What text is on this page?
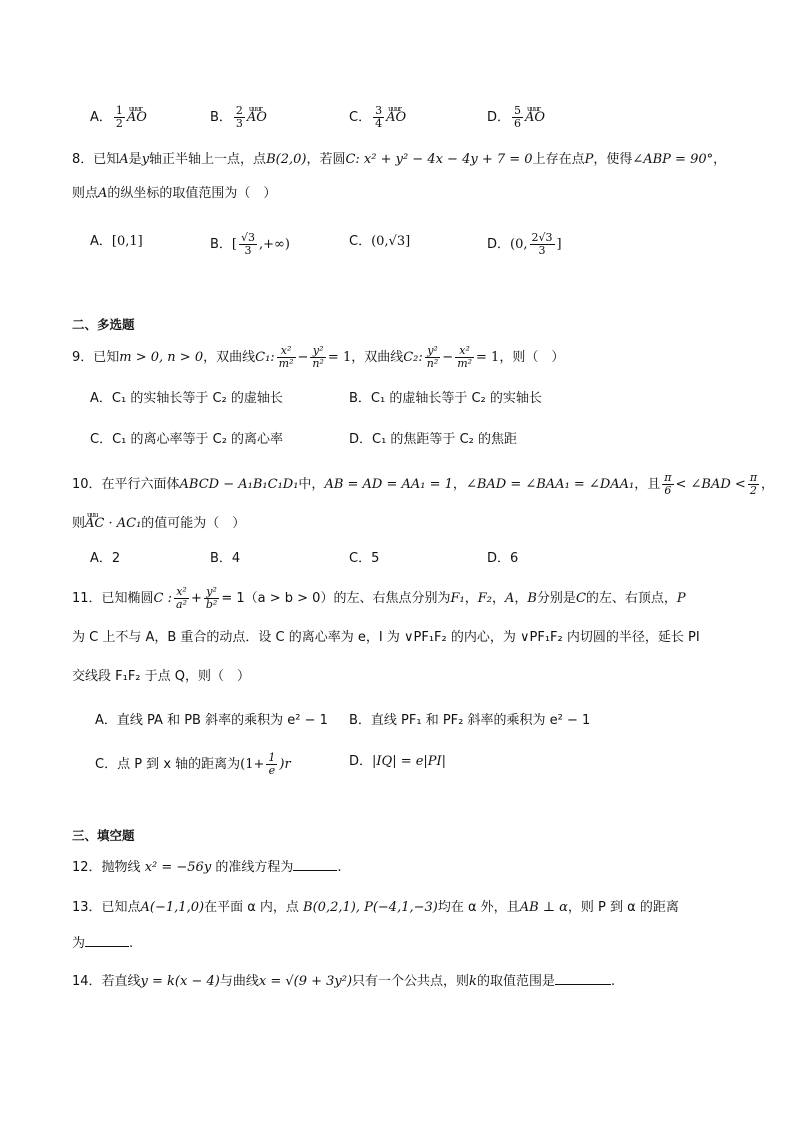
A． $\frac{1}{2}$ uuur AO	B． $\frac{2}{3}$ uuur AO	C． $\frac{3}{4}$ uuur AO	D． $\frac{5}{6}$ uuur AO
8．已知A是y轴正半轴上一点，点B(2,0)，若圆C: x² + y² − 4x − 4y + 7 = 0上存在点P，使得∠ABP = 90°，
则点A的纵坐标的取值范围为（　）
A．[0,1]	B．[ $\frac{√3}{3}$ ,+∞)	C．(0,√3]	D．(0, $\frac{2√3}{3}$ ]
二、多选题
9．已知m > 0, n > 0，双曲线C₁: $\frac{\text{x²}}{\text{m²}} - \frac{\text{y²}}{\text{n²}} = 1$，双曲线C₂: $\frac{\text{y²}}{\text{n²}} - \frac{\text{x²}}{\text{m²}} = 1$，则（　）
A．C₁ 的实轴长等于 C₂ 的虚轴长	B．C₁ 的虚轴长等于 C₂ 的实轴长
C．C₁ 的离心率等于 C₂ 的离心率	D．C₁ 的焦距等于 C₂ 的焦距
10．在平行六面体ABCD − A₁B₁C₁D₁中，AB = AD = AA₁ = 1，∠BAD = ∠BAA₁ = ∠DAA₁，且 $\frac{\pi}{6}$ < ∠BAD < $\frac{\pi}{2}$ ，
则uuu AC · AC₁的值可能为（　）
A．2	B．4	C．5	D．6
11．已知椭圆C : $\frac{\text{x²}}{\text{a²}} + \frac{\text{y²}}{\text{b²}} = 1(a > b > 0)$的左、右焦点分别为F₁，F₂，A，B分别是C的左、右顶点，P
为 C 上不与 A，B 重合的动点．设 C 的离心率为 e，I 为 ∨PF₁F₂ 的内心，为 ∨PF₁F₂ 内切圆的半径，延长 PI
交线段 F₁F₂ 于点 Q，则（　）
A．直线 PA 和 PB 斜率的乘积为 e² − 1 B．直线 PF₁ 和 PF₂ 斜率的乘积为 e² − 1
C．点 P 到 x 轴的距离为$(1+ \frac{1}{e} )r$	D．|IQ| = e|PI|
三、填空题
12．抛物线 x² = −56y 的准线方程为	.
13．已知点A(−1,1,0)在平面 α 内，点 B(0,2,1), P(−4,1,−3)均在 α 外，且AB ⊥ α，则 P 到 α 的距离
为	.
14．若直线y = k(x − 4)与曲线x = √(9 + 3y²)只有一个公共点，则k的取值范围是	.
